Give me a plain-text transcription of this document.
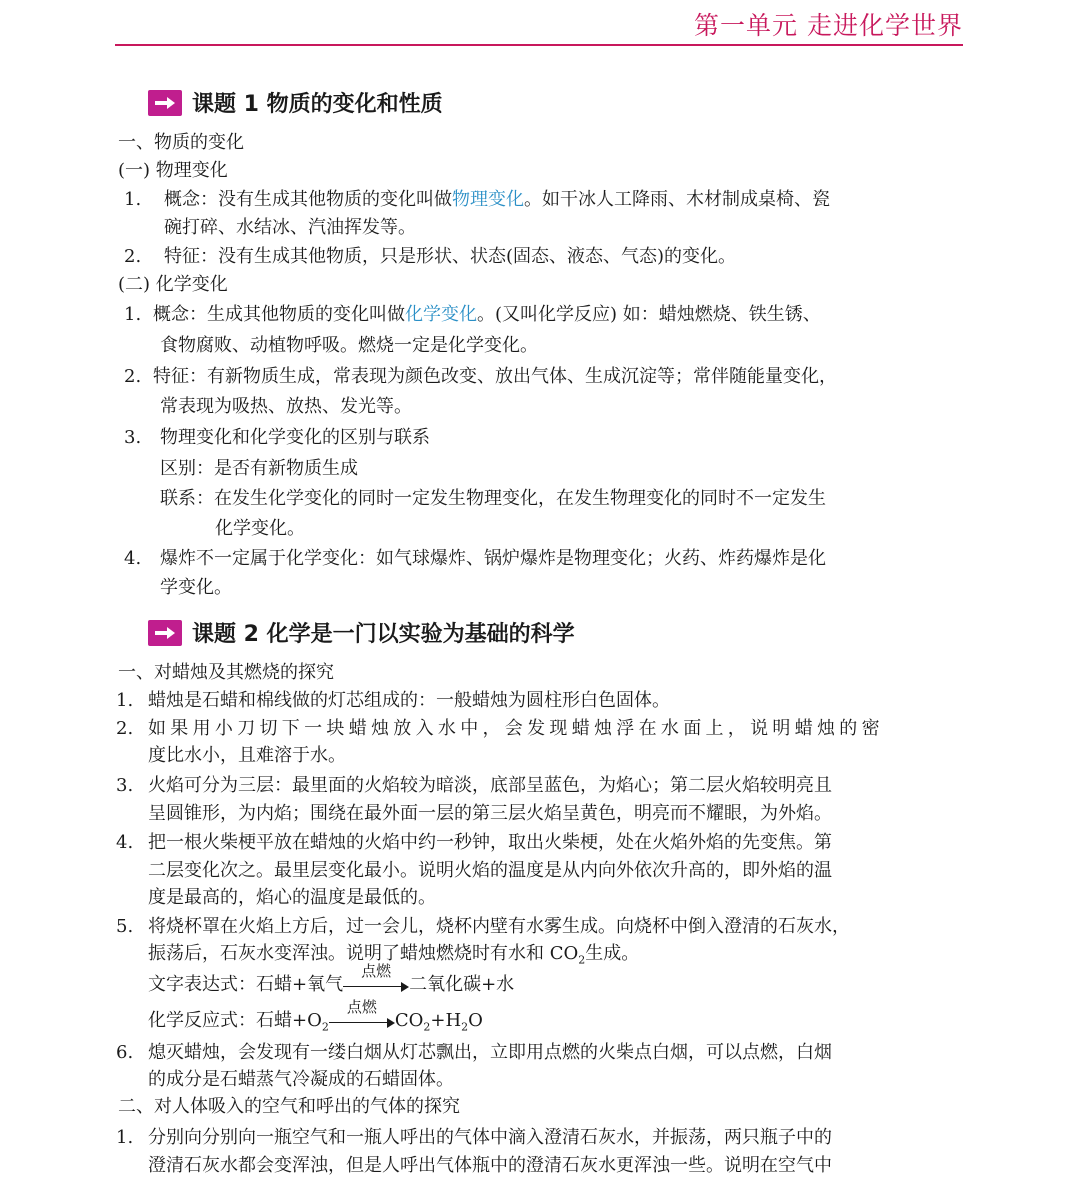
第一单元 走进化学世界
课题 1 物质的变化和性质
一、物质的变化
(一) 物理变化
1. 概念：没有生成其他物质的变化叫做物理变化。如干冰人工降雨、木材制成桌椅、瓷
碗打碎、水结冰、汽油挥发等。
2. 特征：没有生成其他物质，只是形状、状态(固态、液态、气态)的变化。
(二) 化学变化
1. 概念：生成其他物质的变化叫做化学变化。(又叫化学反应) 如：蜡烛燃烧、铁生锈、
食物腐败、动植物呼吸。燃烧一定是化学变化。
2. 特征：有新物质生成，常表现为颜色改变、放出气体、生成沉淀等；常伴随能量变化，
常表现为吸热、放热、发光等。
3. 物理变化和化学变化的区别与联系
区别：是否有新物质生成
联系：在发生化学变化的同时一定发生物理变化，在发生物理变化的同时不一定发生
化学变化。
4. 爆炸不一定属于化学变化：如气球爆炸、锅炉爆炸是物理变化；火药、炸药爆炸是化
学变化。
课题 2 化学是一门以实验为基础的科学
一、对蜡烛及其燃烧的探究
1. 蜡烛是石蜡和棉线做的灯芯组成的：一般蜡烛为圆柱形白色固体。
2. 如果用小刀切下一块蜡烛放入水中，会发现蜡烛浮在水面上，说明蜡烛的密
度比水小，且难溶于水。
3. 火焰可分为三层：最里面的火焰较为暗淡，底部呈蓝色，为焰心；第二层火焰较明亮且
呈圆锥形，为内焰；围绕在最外面一层的第三层火焰呈黄色，明亮而不耀眼，为外焰。
4. 把一根火柴梗平放在蜡烛的火焰中约一秒钟，取出火柴梗，处在火焰外焰的先变焦。第
二层变化次之。最里层变化最小。说明火焰的温度是从内向外依次升高的，即外焰的温
度是最高的，焰心的温度是最低的。
5. 将烧杯罩在火焰上方后，过一会儿，烧杯内壁有水雾生成。向烧杯中倒入澄清的石灰水，
振荡后，石灰水变浑浊。说明了蜡烛燃烧时有水和 $CO_2$生成。
文字表达式：石蜡+氧气
点燃
二氧化碳+水
化学反应式：石蜡$+O_2$
点燃
$CO_2+H_2O$
6. 熄灭蜡烛，会发现有一缕白烟从灯芯飘出，立即用点燃的火柴点白烟，可以点燃，白烟
的成分是石蜡蒸气冷凝成的石蜡固体。
二、对人体吸入的空气和呼出的气体的探究
1. 分别向分别向一瓶空气和一瓶人呼出的气体中滴入澄清石灰水，并振荡，两只瓶子中的
澄清石灰水都会变浑浊，但是人呼出气体瓶中的澄清石灰水更浑浊一些。说明在空气中
